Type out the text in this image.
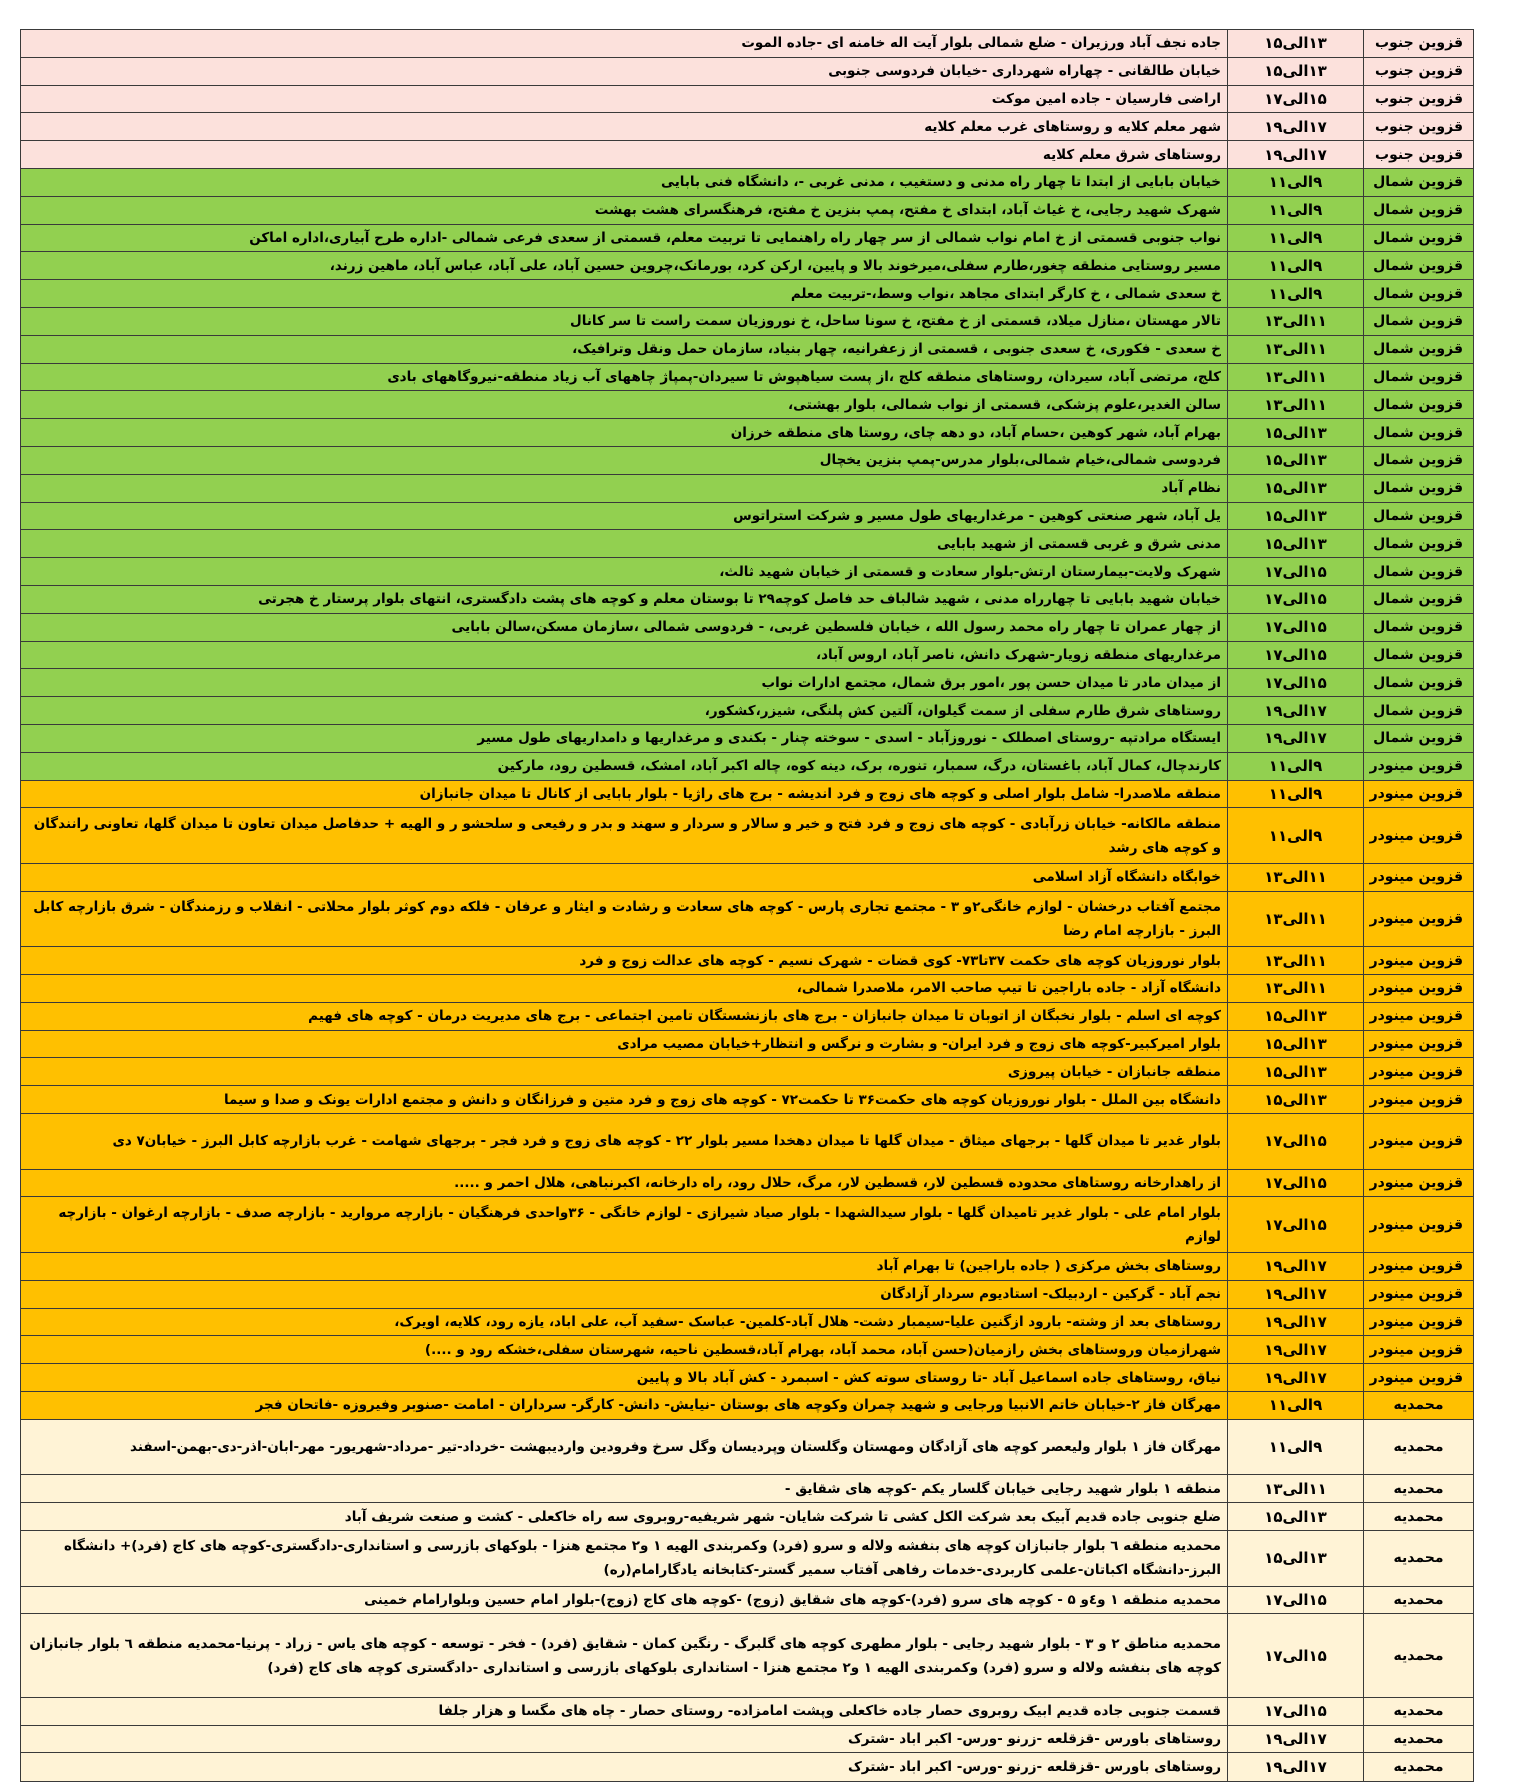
قزوین جنوب
۱۳الی۱۵
جاده نجف آباد ورزیران - ضلع شمالی بلوار آیت اله خامنه ای -جاده الموت
قزوین جنوب
۱۳الی۱۵
خیابان طالقانی - چهاراه شهرداری -خیابان فردوسی جنوبی
قزوین جنوب
۱۵الی۱۷
اراضی فارسیان - جاده امین موکت
قزوین جنوب
۱۷الی۱۹
شهر معلم کلایه و روستاهای غرب معلم کلایه
قزوین جنوب
۱۷الی۱۹
روستاهای شرق معلم کلایه
قزوین شمال
۹الی۱۱
خیابان بابایی از ابتدا تا چهار راه مدنی و دستغیب ، مدنی غربی -، دانشگاه فنی بابایی
قزوین شمال
۹الی۱۱
شهرک شهید رجایی، خ غیاث آباد، ابتدای خ مفتح، پمپ بنزین خ مفتح، فرهنگسرای هشت بهشت
قزوین شمال
۹الی۱۱
نواب جنوبی قسمتی از خ امام نواب شمالی از سر چهار راه راهنمایی تا تربیت معلم، قسمتی از سعدی فرعی شمالی -اداره طرح آبیاری،اداره اماکن
قزوین شمال
۹الی۱۱
مسیر روستایی منطقه چغور،طارم سفلی،میرخوند بالا و پایین، ارکن کرد، بورمانک،چروین حسین آباد، علی آباد، عباس آباد، ماهین زرند،
قزوین شمال
۹الی۱۱
خ سعدی شمالی ، خ کارگر ابتدای مجاهد ،نواب وسط،-تربیت معلم
قزوین شمال
۱۱الی۱۳
تالار مهستان ،منازل میلاد، قسمتی از خ مفتح، خ سونا ساحل، خ نوروزیان سمت راست تا سر کانال
قزوین شمال
۱۱الی۱۳
خ سعدی - فکوری، خ سعدی جنوبی ، قسمتی از زعفرانیه، چهار بنیاد، سازمان حمل ونقل وترافیک،
قزوین شمال
۱۱الی۱۳
کلج، مرتضی آباد، سیردان، روستاهای منطقه کلج ،از پست سیاهپوش تا سیردان-پمپاژ چاههای آب زیاد منطقه-نیروگاههای بادی
قزوین شمال
۱۱الی۱۳
سالن الغدیر،علوم پزشکی، قسمتی از نواب شمالی، بلوار بهشتی،
قزوین شمال
۱۳الی۱۵
بهرام آباد، شهر کوهین ،حسام آباد، دو دهه چای، روستا های منطقه خرزان
قزوین شمال
۱۳الی۱۵
فردوسی شمالی،خیام شمالی،بلوار مدرس-پمپ بنزین یخچال
قزوین شمال
۱۳الی۱۵
نظام آباد
قزوین شمال
۱۳الی۱۵
یل آباد، شهر صنعتی کوهین - مرغداریهای طول مسیر و شرکت استراتوس
قزوین شمال
۱۳الی۱۵
مدنی شرق و غربی قسمتی از شهید بابایی
قزوین شمال
۱۵الی۱۷
شهرک ولایت-بیمارستان ارتش-بلوار سعادت و قسمتی از خیابان شهید ثالث،
قزوین شمال
۱۵الی۱۷
خیابان شهید بابایی تا چهارراه مدنی ، شهید شالباف حد فاصل کوچه۲۹ تا بوستان معلم و کوچه های پشت دادگستری، انتهای بلوار پرستار خ هجرتی
قزوین شمال
۱۵الی۱۷
از چهار عمران تا چهار راه محمد رسول الله ، خیابان فلسطین غربی، - فردوسی شمالی ،سازمان مسکن،سالن بابایی
قزوین شمال
۱۵الی۱۷
مرغداریهای منطقه زویار-شهرک دانش، ناصر آباد، اروس آباد،
قزوین شمال
۱۵الی۱۷
از میدان مادر تا میدان حسن پور ،امور برق شمال، مجتمع ادارات نواب
قزوین شمال
۱۷الی۱۹
روستاهای شرق طارم سفلی از سمت گیلوان، آلتین کش پلنگی، شیزر،کشکور،
قزوین شمال
۱۷الی۱۹
ایستگاه مرادتپه -روستای اصطلک - نوروزآباد - اسدی - سوخته چنار - بکندی و مرغداریها و دامداریهای طول مسیر
قزوین مینودر
۹الی۱۱
کارندچال، کمال آباد، باغستان، درگ، سمبار، تنوره، برک، دینه کوه، چاله اکبر آباد، امشک، قسطین رود، مارکین
قزوین مینودر
۹الی۱۱
منطقه ملاصدرا- شامل بلوار اصلی و کوچه های زوج و فرد اندیشه - برج های راژیا - بلوار بابایی از کانال تا میدان جانبازان
قزوین مینودر
۹الی۱۱
منطقه مالکانه- خیابان زرآبادی - کوچه های زوج و فرد فتح و خیر و سالار و سردار و سهند و بدر و رفیعی و سلحشو ر و الهیه + حدفاصل میدان تعاون تا میدان گلها، تعاونی رانندگان و کوچه های رشد
قزوین مینودر
۱۱الی۱۳
خوابگاه دانشگاه آزاد اسلامی
قزوین مینودر
۱۱الی۱۳
مجتمع آفتاب درخشان - لوازم خانگی۲و ۳ - مجتمع تجاری پارس - کوچه های سعادت و رشادت و ایثار و عرفان - فلکه دوم کوثر بلوار محلاتی - انقلاب و رزمندگان - شرق بازارچه کابل البرز - بازارچه امام رضا
قزوین مینودر
۱۱الی۱۳
بلوار نوروزیان کوچه های حکمت ۳۷تا۷۳- کوی قضات - شهرک نسیم - کوچه های عدالت زوج و فرد
قزوین مینودر
۱۱الی۱۳
دانشگاه آزاد - جاده باراجین تا تیپ صاحب الامر، ملاصدرا شمالی،
قزوین مینودر
۱۳الی۱۵
کوچه ای اسلم - بلوار نخبگان از اتوبان تا میدان جانبازان - برج های بازنشستگان تامین اجتماعی - برج های مدیریت درمان - کوچه های فهیم
قزوین مینودر
۱۳الی۱۵
بلوار امیرکبیر-کوچه های زوج و فرد ایران- و بشارت و نرگس و انتظار+خیابان مصیب مرادی
قزوین مینودر
۱۳الی۱۵
منطقه جانبازان - خیابان پیروزی
قزوین مینودر
۱۳الی۱۵
دانشگاه بین الملل - بلوار نوروزیان کوچه های حکمت۳۶ تا حکمت۷۲ - کوچه های زوج و فرد متین و فرزانگان و دانش و مجتمع ادارات یونک و صدا و سیما
قزوین مینودر
۱۵الی۱۷
بلوار غدیر تا میدان گلها - برجهای میثاق - میدان گلها تا میدان دهخدا مسیر بلوار ۲۲ - کوچه های زوج و فرد فجر - برجهای شهامت - غرب بازارچه کابل البرز - خیابان۷ دی
قزوین مینودر
۱۵الی۱۷
از راهدارخانه روستاهای محدوده قسطین لار، قسطین لار، مرگ، حلال رود، راه دارخانه، اکبرنباهی، هلال احمر و .....
قزوین مینودر
۱۵الی۱۷
بلوار امام علی - بلوار غدیر تامیدان گلها - بلوار سیدالشهدا - بلوار صیاد شیرازی - لوازم خانگی - ۳۶واحدی فرهنگیان - بازارچه مروارید - بازارچه صدف - بازارچه ارغوان - بازارچه لوازم
قزوین مینودر
۱۷الی۱۹
روستاهای بخش مرکزی ( جاده باراجین) تا بهرام آباد
قزوین مینودر
۱۷الی۱۹
نجم آباد - گرکین - اردبیلک- استادیوم سردار آزادگان
قزوین مینودر
۱۷الی۱۹
روستاهای بعد از وشته- بارود ازگنین علیا-سیمبار دشت- هلال آباد-کلمین- عباسک -سفید آب، علی اباد، یازه رود، کلایه، اویرک،
قزوین مینودر
۱۷الی۱۹
شهرازمیان وروستاهای بخش رازمیان(حسن آباد، محمد آباد، بهرام آباد،قسطین ناحیه، شهرستان سفلی،خشکه رود و ....)
قزوین مینودر
۱۷الی۱۹
نیاق، روستاهای جاده اسماعیل آباد -تا روستای سوته کش - اسبمرد - کش آباد بالا و پایین
محمدیه
۹الی۱۱
مهرگان فاز ۲-خیابان خاتم الانبیا ورجایی و شهید چمران وکوچه های بوستان -نیایش- دانش- کارگر- سرداران - امامت -صنوبر وفیروزه -فاتحان فجر
محمدیه
۹الی۱۱
مهرگان فاز ۱ بلوار ولیعصر کوچه های آزادگان ومهستان وگلستان وپردیسان وگل سرخ وفرودین واردیبهشت -خرداد-تیر -مرداد-شهریور- مهر-ابان-اذر-دی-بهمن-اسفند
محمدیه
۱۱الی۱۳
منطقه ۱ بلوار شهید رجایی خیابان گلسار یکم -کوچه های شقایق -
محمدیه
۱۳الی۱۵
ضلع جنوبی جاده قدیم آبیک بعد شرکت الکل کشی تا شرکت شایان- شهر شریفیه-روبروی سه راه خاکعلی - کشت و صنعت شریف آباد
محمدیه
۱۳الی۱۵
محمدیه منطقه ٦ بلوار جانبازان کوچه های بنفشه ولاله و سرو (فرد) وکمربندی الهیه ۱ و۲ مجتمع هنزا - بلوکهای بازرسی و استانداری-دادگستری-کوچه های کاج (فرد)+ دانشگاه البرز-دانشگاه اکباتان-علمی کاربردی-خدمات رفاهی آفتاب سمیر گستر-کتابخانه یادگارامام(ره)
محمدیه
۱۵الی۱۷
محمدیه منطقه ۱ و٤و ۵ - کوچه های سرو (فرد)-کوچه های شقایق (زوج) -کوچه های کاج (زوج)-بلوار امام حسین وبلوارامام خمینی
محمدیه
۱۵الی۱۷
محمدیه مناطق ۲ و ۳ - بلوار شهید رجایی - بلوار مطهری کوچه های گلبرگ - رنگین کمان - شقایق (فرد) - فخر - توسعه - کوچه های یاس - زراد - پرنیا-محمدیه منطقه ٦ بلوار جانبازان کوچه های بنفشه ولاله و سرو (فرد) وکمربندی الهیه ۱ و۲ مجتمع هنزا - استانداری بلوکهای بازرسی و استانداری -دادگستری کوچه های کاج (فرد)
محمدیه
۱۵الی۱۷
قسمت جنوبی جاده قدیم ابیک روبروی حصار جاده خاکعلی وپشت امامزاده- روستای حصار - چاه های مگسا و هزار جلفا
محمدیه
۱۷الی۱۹
روستاهای باورس -قزقلعه -زرنو -ورس- اکبر اباد -شترک
محمدیه
۱۷الی۱۹
روستاهای باورس -قزقلعه -زرنو -ورس- اکبر اباد -شترک
